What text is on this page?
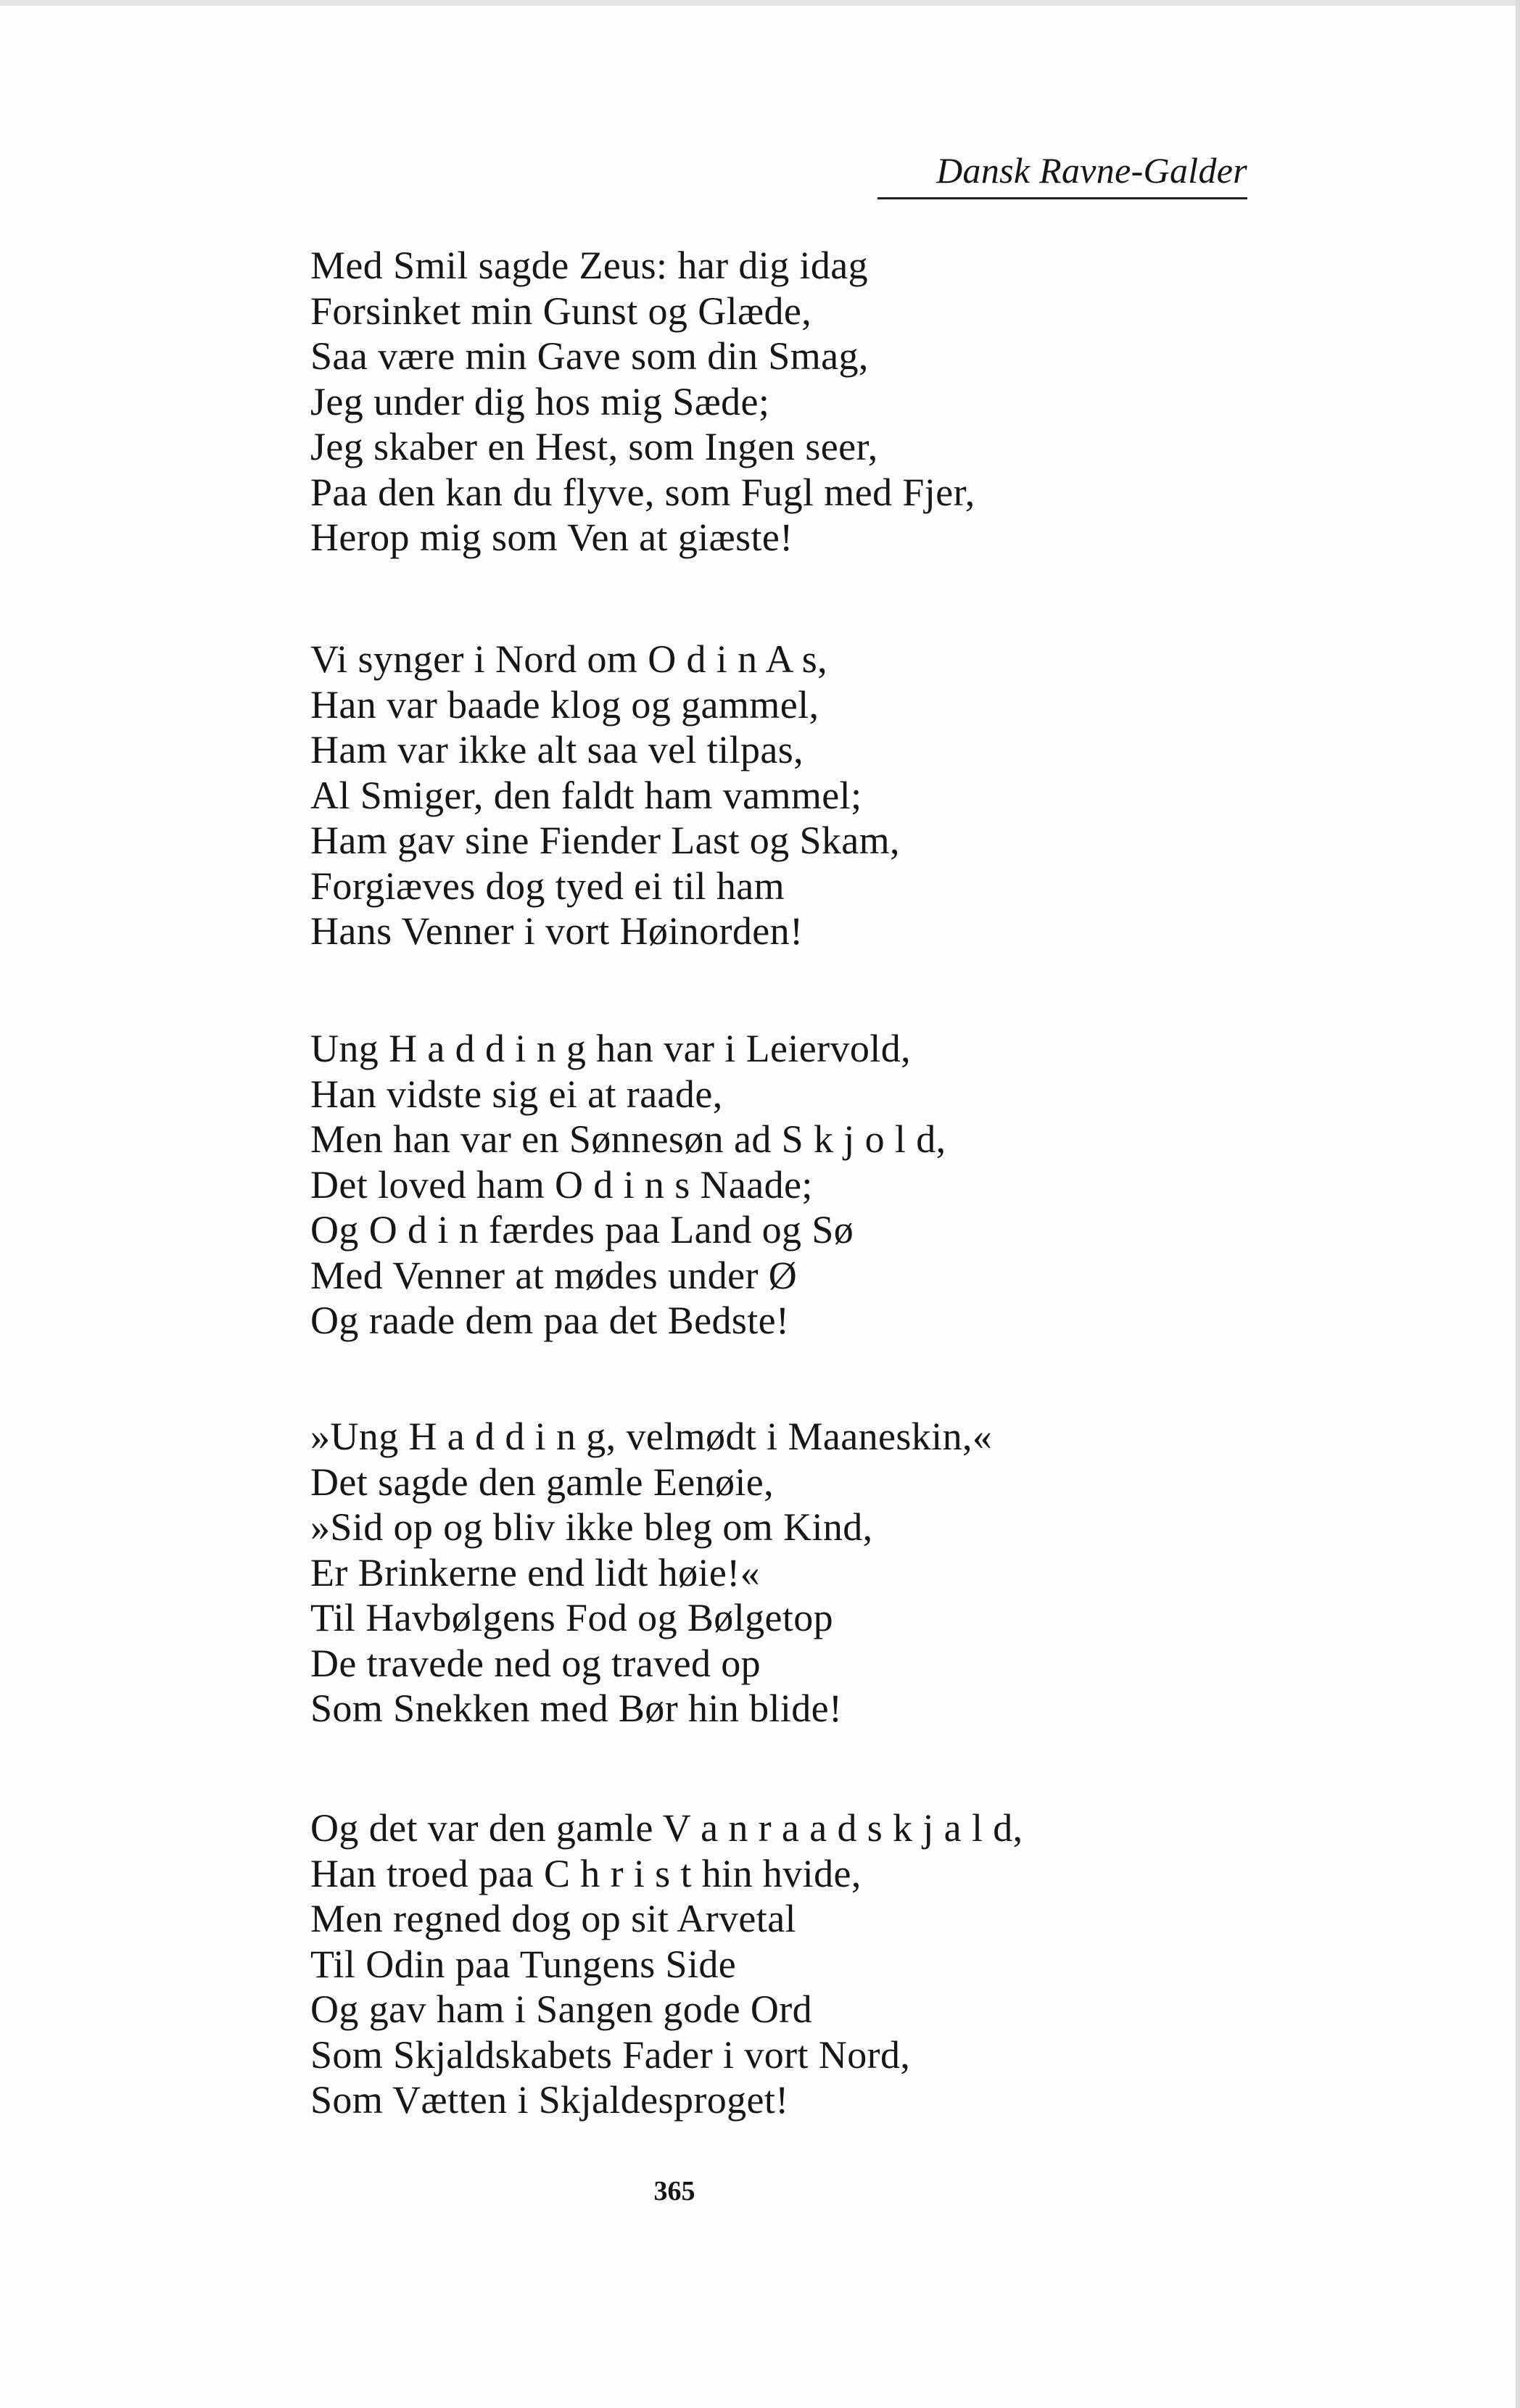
Dansk Ravne-Galder
Med Smil sagde Zeus: har dig idag
Forsinket min Gunst og Glæde,
Saa være min Gave som din Smag,
Jeg under dig hos mig Sæde;
Jeg skaber en Hest, som Ingen seer,
Paa den kan du flyve, som Fugl med Fjer,
Herop mig som Ven at giæste!
Vi synger i Nord om O d i n A s,
Han var baade klog og gammel,
Ham var ikke alt saa vel tilpas,
Al Smiger, den faldt ham vammel;
Ham gav sine Fiender Last og Skam,
Forgiæves dog tyed ei til ham
Hans Venner i vort Høinorden!
Ung H a d d i n g han var i Leiervold,
Han vidste sig ei at raade,
Men han var en Sønnesøn ad S k j o l d,
Det loved ham O d i n s Naade;
Og O d i n færdes paa Land og Sø
Med Venner at mødes under Ø
Og raade dem paa det Bedste!
»Ung H a d d i n g, velmødt i Maaneskin,«
Det sagde den gamle Eenøie,
»Sid op og bliv ikke bleg om Kind,
Er Brinkerne end lidt høie!«
Til Havbølgens Fod og Bølgetop
De travede ned og traved op
Som Snekken med Bør hin blide!
Og det var den gamle V a n r a a d s k j a l d,
Han troed paa C h r i s t hin hvide,
Men regned dog op sit Arvetal
Til Odin paa Tungens Side
Og gav ham i Sangen gode Ord
Som Skjaldskabets Fader i vort Nord,
Som Vætten i Skjaldesproget!
365
